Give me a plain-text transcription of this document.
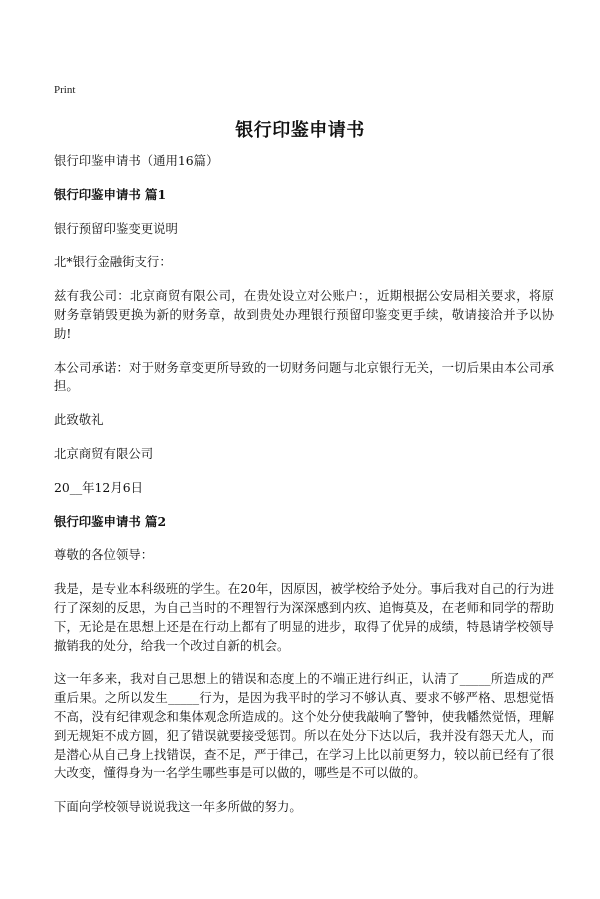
Print
银行印鉴申请书

银行印鉴申请书（通用16篇）

银行印鉴申请书 篇1

银行预留印鉴变更说明

北*银行金融街支行：

兹有我公司：北京商贸有限公司，在贵处设立对公账户：，近期根据公安局相关要求，将原财务章销毁更换为新的财务章，故到贵处办理银行预留印鉴变更手续，敬请接洽并予以协助!

本公司承诺：对于财务章变更所导致的一切财务问题与北京银行无关，一切后果由本公司承担。

此致敬礼

北京商贸有限公司

20__年12月6日

银行印鉴申请书 篇2

尊敬的各位领导：

我是，是专业本科级班的学生。在20年，因原因，被学校给予处分。事后我对自己的行为进行了深刻的反思，为自己当时的不理智行为深深感到内疚、追悔莫及，在老师和同学的帮助下，无论是在思想上还是在行动上都有了明显的进步，取得了优异的成绩，特恳请学校领导撤销我的处分，给我一个改过自新的机会。

这一年多来，我对自己思想上的错误和态度上的不端正进行纠正，认清了_____所造成的严重后果。之所以发生_____行为，是因为我平时的学习不够认真、要求不够严格、思想觉悟不高，没有纪律观念和集体观念所造成的。这个处分使我敲响了警钟，使我幡然觉悟，理解到无规矩不成方圆，犯了错误就要接受惩罚。所以在处分下达以后，我并没有怨天尤人，而是潜心从自己身上找错误，查不足，严于律己，在学习上比以前更努力，较以前已经有了很大改变，懂得身为一名学生哪些事是可以做的，哪些是不可以做的。

下面向学校领导说说我这一年多所做的努力。
